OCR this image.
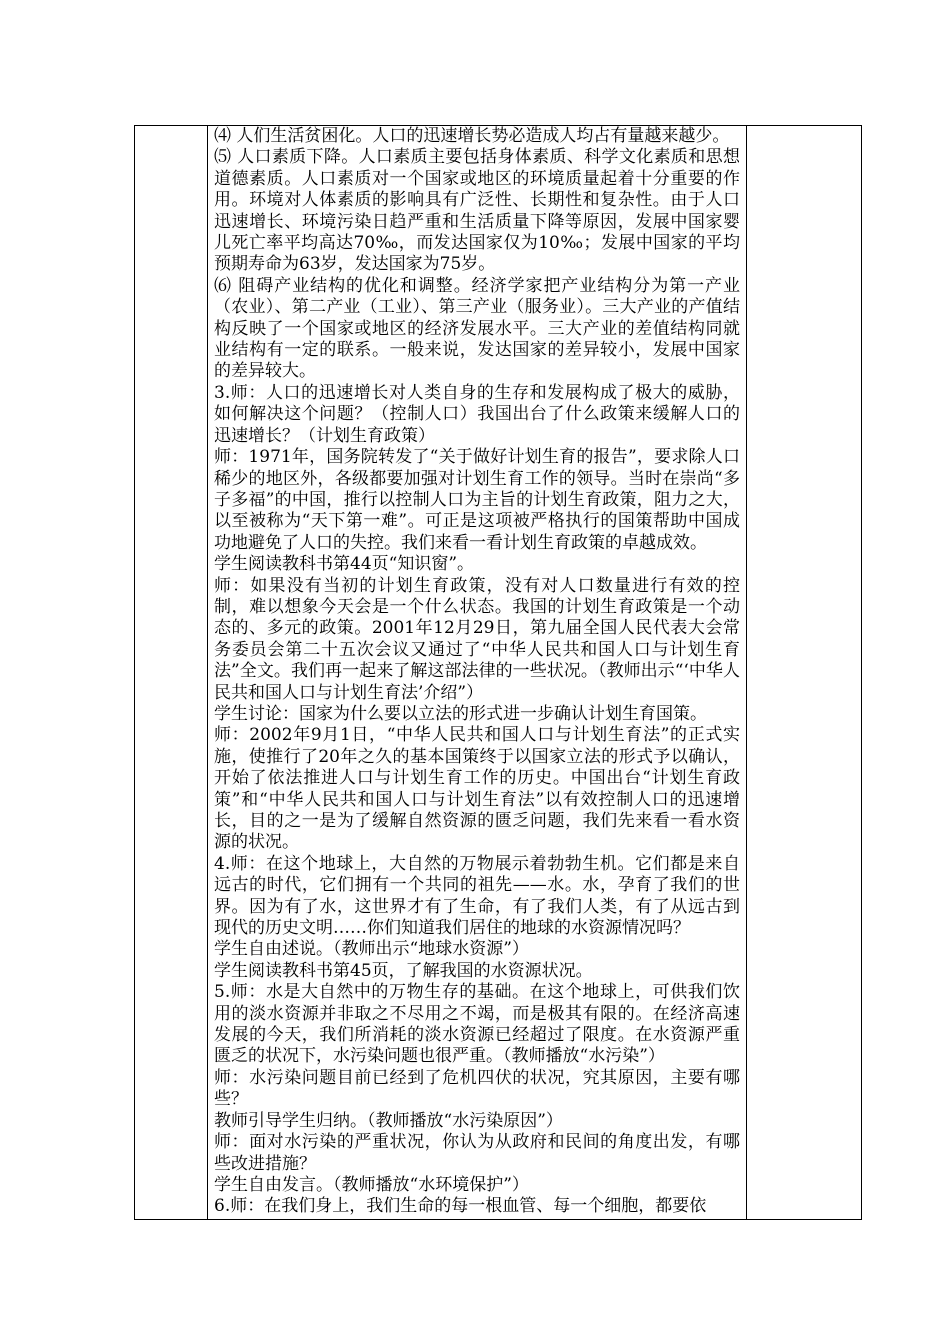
⑷ 人们生活贫困化。人口的迅速增长势必造成人均占有量越来越少。

⑸ 人口素质下降。人口素质主要包括身体素质、科学文化素质和思想道德素质。人口素质对一个国家或地区的环境质量起着十分重要的作用。环境对人体素质的影响具有广泛性、长期性和复杂性。由于人口迅速增长、环境污染日趋严重和生活质量下降等原因，发展中国家婴儿死亡率平均高达70‰，而发达国家仅为10‰；发展中国家的平均预期寿命为63岁，发达国家为75岁。

⑹ 阻碍产业结构的优化和调整。经济学家把产业结构分为第一产业（农业）、第二产业（工业）、第三产业（服务业）。三大产业的产值结构反映了一个国家或地区的经济发展水平。三大产业的差值结构同就业结构有一定的联系。一般来说，发达国家的差异较小，发展中国家的差异较大。

3.师：人口的迅速增长对人类自身的生存和发展构成了极大的威胁，如何解决这个问题？（控制人口）我国出台了什么政策来缓解人口的迅速增长？（计划生育政策）

师：1971年，国务院转发了“关于做好计划生育的报告”，要求除人口稀少的地区外，各级都要加强对计划生育工作的领导。当时在崇尚“多子多福”的中国，推行以控制人口为主旨的计划生育政策，阻力之大，以至被称为“天下第一难”。可正是这项被严格执行的国策帮助中国成功地避免了人口的失控。我们来看一看计划生育政策的卓越成效。

学生阅读教科书第44页“知识窗”。

师：如果没有当初的计划生育政策，没有对人口数量进行有效的控制，难以想象今天会是一个什么状态。我国的计划生育政策是一个动态的、多元的政策。2001年12月29日，第九届全国人民代表大会常务委员会第二十五次会议又通过了“中华人民共和国人口与计划生育法”全文。我们再一起来了解这部法律的一些状况。（教师出示“‘中华人民共和国人口与计划生育法’介绍”）

学生讨论：国家为什么要以立法的形式进一步确认计划生育国策。

师：2002年9月1日，“中华人民共和国人口与计划生育法”的正式实施，使推行了20年之久的基本国策终于以国家立法的形式予以确认，开始了依法推进人口与计划生育工作的历史。中国出台“计划生育政策”和“中华人民共和国人口与计划生育法”以有效控制人口的迅速增长，目的之一是为了缓解自然资源的匮乏问题，我们先来看一看水资源的状况。

4.师：在这个地球上，大自然的万物展示着勃勃生机。它们都是来自远古的时代，它们拥有一个共同的祖先——水。水，孕育了我们的世界。因为有了水，这世界才有了生命，有了我们人类，有了从远古到现代的历史文明……你们知道我们居住的地球的水资源情况吗？

学生自由述说。（教师出示“地球水资源”）

学生阅读教科书第45页，了解我国的水资源状况。

5.师：水是大自然中的万物生存的基础。在这个地球上，可供我们饮用的淡水资源并非取之不尽用之不竭，而是极其有限的。在经济高速发展的今天，我们所消耗的淡水资源已经超过了限度。在水资源严重匮乏的状况下，水污染问题也很严重。（教师播放“水污染”）

师：水污染问题目前已经到了危机四伏的状况，究其原因，主要有哪些？

教师引导学生归纳。（教师播放“水污染原因”）

师：面对水污染的严重状况，你认为从政府和民间的角度出发，有哪些改进措施？

学生自由发言。（教师播放“水环境保护”）

6.师：在我们身上，我们生命的每一根血管、每一个细胞，都要依
